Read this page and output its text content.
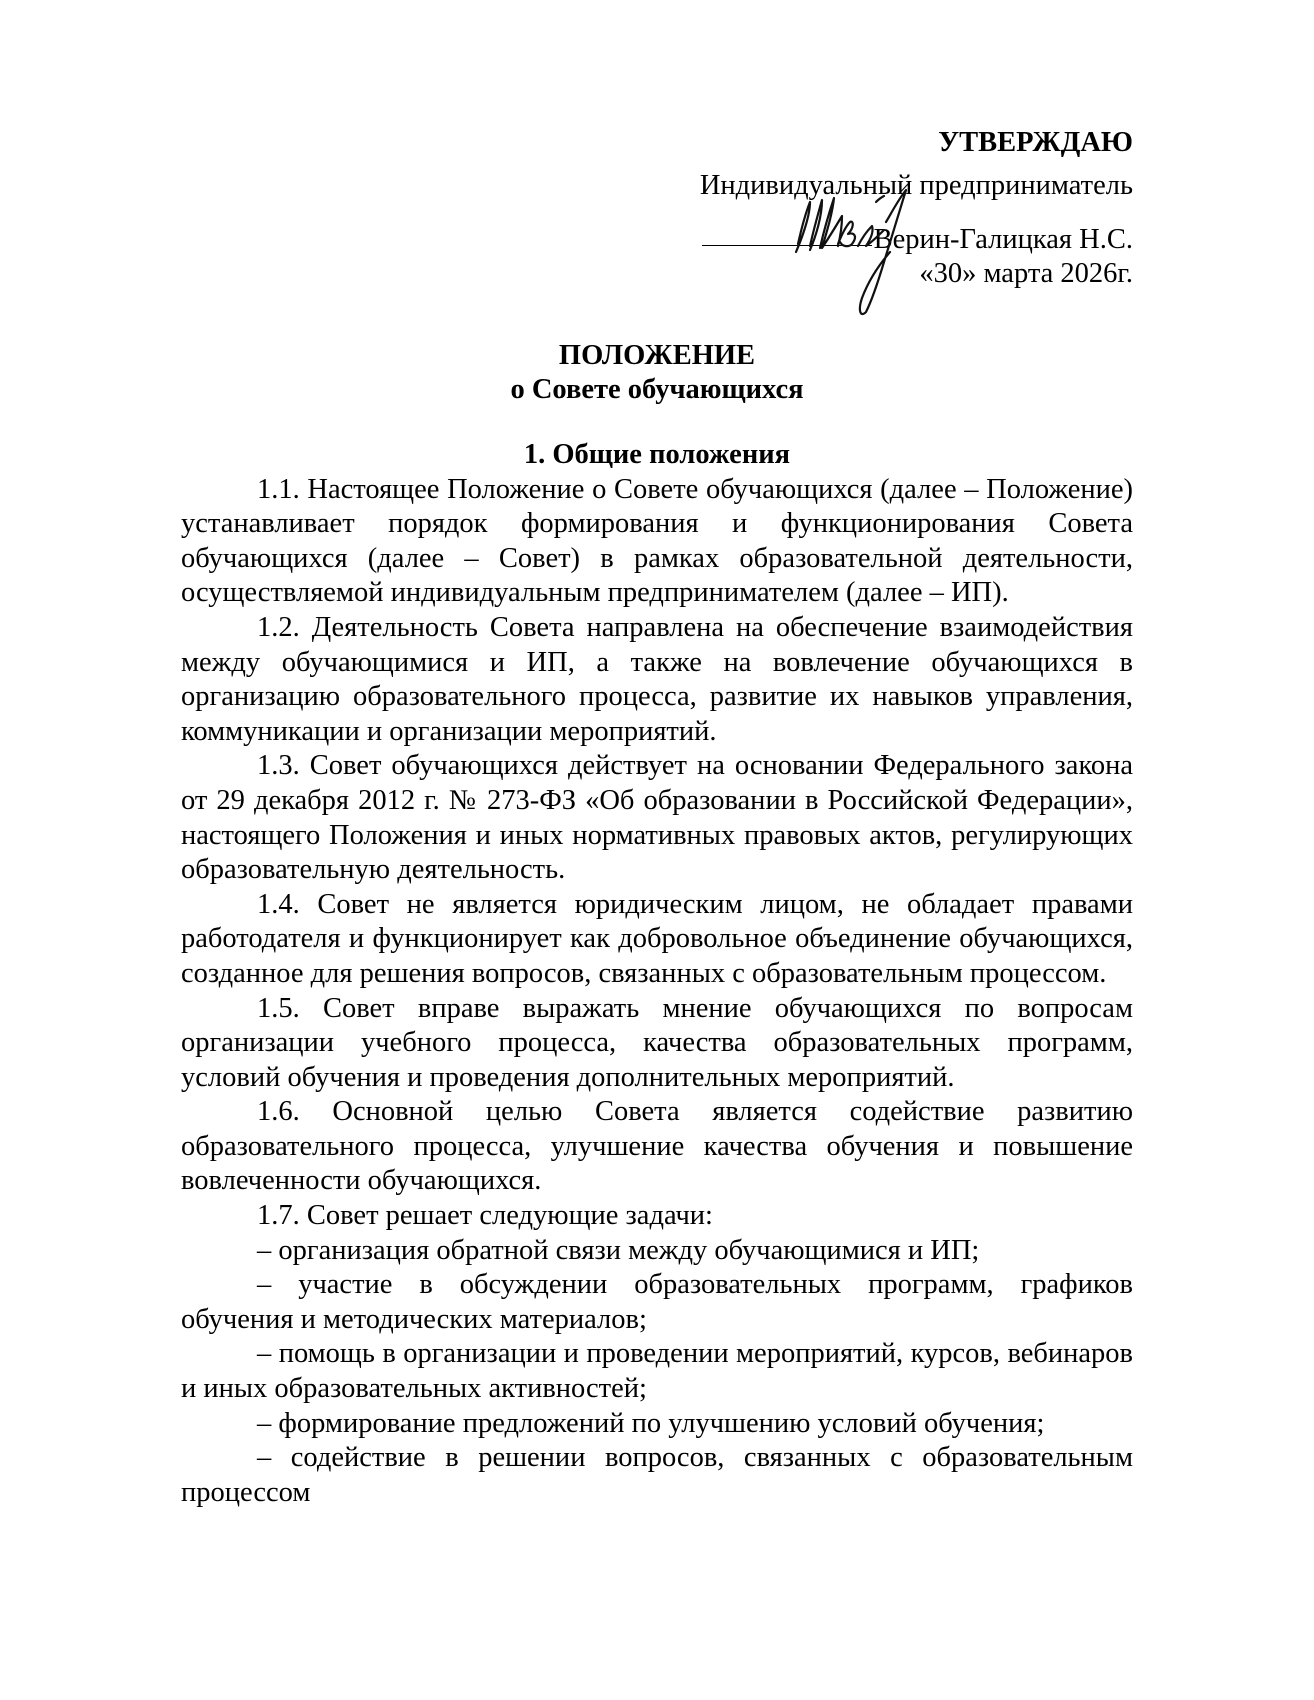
УТВЕРЖДАЮ
Индивидуальный предприниматель
Верин-Галицкая Н.С.
«30» марта 2026г.
ПОЛОЖЕНИЕ
о Совете обучающихся

1. Общие положения

1.1. Настоящее Положение о Совете обучающихся (далее – Положение) устанавливает порядок формирования и функционирования Совета обучающихся (далее – Совет) в рамках образовательной деятельности, осуществляемой индивидуальным предпринимателем (далее – ИП).

1.2. Деятельность Совета направлена на обеспечение взаимодействия между обучающимися и ИП, а также на вовлечение обучающихся в организацию образовательного процесса, развитие их навыков управления, коммуникации и организации мероприятий.

1.3. Совет обучающихся действует на основании Федерального закона от 29 декабря 2012 г. № 273-ФЗ «Об образовании в Российской Федерации», настоящего Положения и иных нормативных правовых актов, регулирующих образовательную деятельность.

1.4. Совет не является юридическим лицом, не обладает правами работодателя и функционирует как добровольное объединение обучающихся, созданное для решения вопросов, связанных с образовательным процессом.

1.5. Совет вправе выражать мнение обучающихся по вопросам организации учебного процесса, качества образовательных программ, условий обучения и проведения дополнительных мероприятий.

1.6. Основной целью Совета является содействие развитию образовательного процесса, улучшение качества обучения и повышение вовлеченности обучающихся.

1.7. Совет решает следующие задачи:

– организация обратной связи между обучающимися и ИП;

– участие в обсуждении образовательных программ, графиков обучения и методических материалов;

– помощь в организации и проведении мероприятий, курсов, вебинаров и иных образовательных активностей;

– формирование предложений по улучшению условий обучения;

– содействие в решении вопросов, связанных с образовательным процессом
